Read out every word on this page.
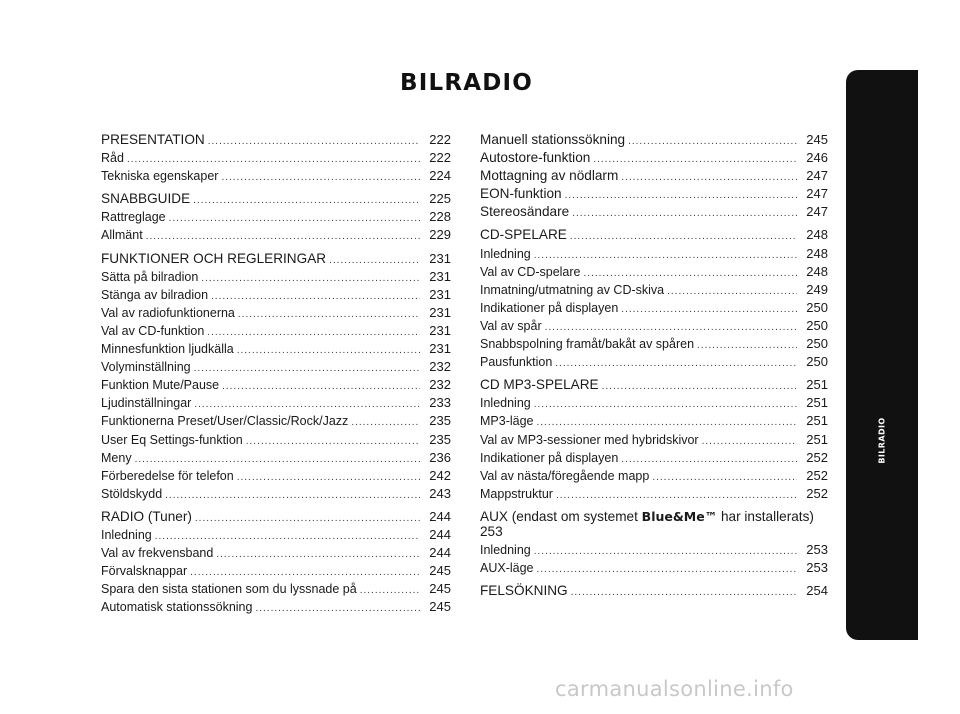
BILRADIO
PRESENTATION .....	222
Råd .....	222
Tekniska egenskaper .....	224
SNABBGUIDE .....	225
Rattreglage .....	228
Allmänt .....	229
FUNKTIONER OCH REGLERINGAR .....	231
Sätta på bilradion .....	231
Stänga av bilradion .....	231
Val av radiofunktionerna .....	231
Val av CD-funktion .....	231
Minnesfunktion ljudkälla .....	231
Volyminställning .....	232
Funktion Mute/Pause .....	232
Ljudinställningar .....	233
Funktionerna Preset/User/Classic/Rock/Jazz .....	235
User Eq Settings-funktion .....	235
Meny .....	236
Förberedelse för telefon .....	242
Stöldskydd .....	243
RADIO (Tuner) .....	244
Inledning .....	244
Val av frekvensband .....	244
Förvalsknappar .....	245
Spara den sista stationen som du lyssnade på .....	245
Automatisk stationssökning .....	245
Manuell stationssökning .....	245
Autostore-funktion .....	246
Mottagning av nödlarm .....	247
EON-funktion .....	247
Stereosändare .....	247
CD-SPELARE .....	248
Inledning .....	248
Val av CD-spelare .....	248
Inmatning/utmatning av CD-skiva .....	249
Indikationer på displayen .....	250
Val av spår .....	250
Snabbspolning framåt/bakåt av spåren .....	250
Pausfunktion .....	250
CD MP3-SPELARE .....	251
Inledning .....	251
MP3-läge .....	251
Val av MP3-sessioner med hybridskivor .....	251
Indikationer på displayen .....	252
Val av nästa/föregående mapp .....	252
Mappstruktur .....	252
AUX (endast om systemet Blue&Me™ har installerats)
253
Inledning .....	253
AUX-läge .....	253
FELSÖKNING .....	254
BILRADIO
221
carmanualsonline.info
